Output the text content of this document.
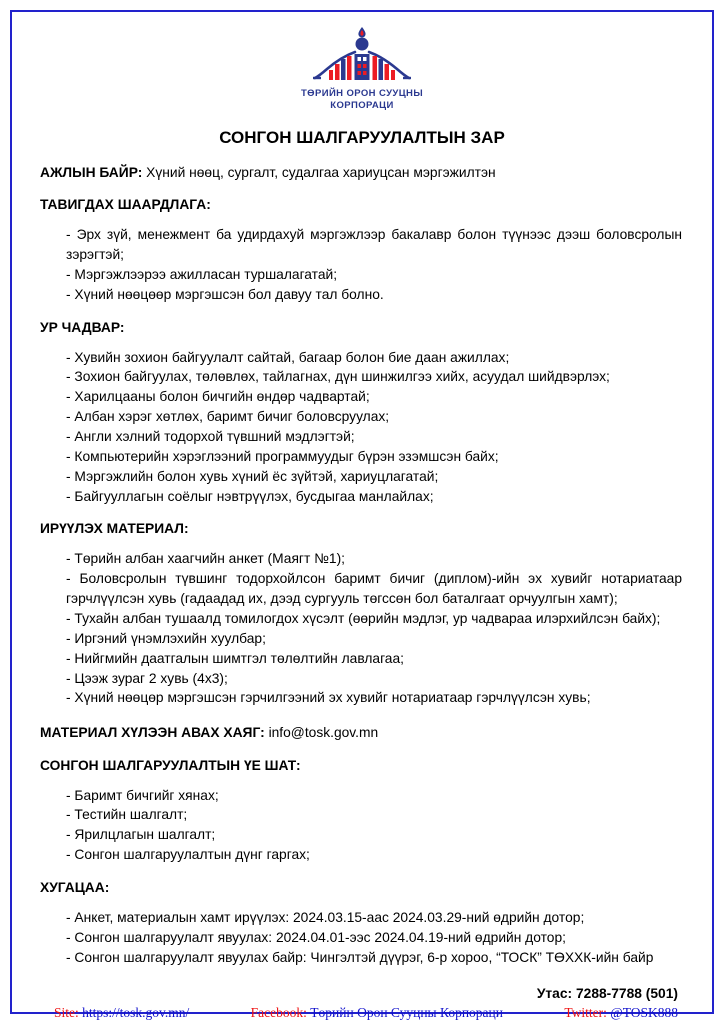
ТӨРИЙН ОРОН СУУЦНЫ
КОРПОРАЦИ
СОНГОН ШАЛГАРУУЛАЛТЫН ЗАР
АЖЛЫН БАЙР: Хүний нөөц, сургалт, судалгаа хариуцсан мэргэжилтэн
ТАВИГДАХ ШААРДЛАГА:
- Эрх зүй, менежмент ба удирдахуй мэргэжлээр бакалавр болон түүнээс дээш боловсролын зэрэгтэй;
- Мэргэжлээрээ ажилласан туршалагатай;
- Хүний нөөцөөр мэргэшсэн бол давуу тал болно.
УР ЧАДВАР:
- Хувийн зохион байгуулалт сайтай, багаар болон бие даан ажиллах;
- Зохион байгуулах, төлөвлөх, тайлагнах, дүн шинжилгээ хийх, асуудал шийдвэрлэх;
- Харилцааны болон бичгийн өндөр чадвартай;
- Албан хэрэг хөтлөх, баримт бичиг боловсруулах;
- Англи хэлний тодорхой түвшний мэдлэгтэй;
- Компьютерийн хэрэглээний программуудыг бүрэн эзэмшсэн байх;
- Мэргэжлийн болон хувь хүний ёс зүйтэй, хариуцлагатай;
- Байгууллагын соёлыг нэвтрүүлэх, бусдыгаа манлайлах;
ИРҮҮЛЭХ МАТЕРИАЛ:
- Төрийн албан хаагчийн анкет (Маягт №1);
- Боловсролын түвшинг тодорхойлсон баримт бичиг (диплом)-ийн эх хувийг нотариатаар гэрчлүүлсэн хувь (гадаадад их, дээд сургууль төгссөн бол баталгаат орчуулгын хамт);
- Тухайн албан тушаалд томилогдох хүсэлт (өөрийн мэдлэг, ур чадвараа илэрхийлсэн байх);
- Иргэний үнэмлэхийн хуулбар;
- Нийгмийн даатгалын шимтгэл төлөлтийн лавлагаа;
- Цээж зураг 2 хувь (4х3);
- Хүний нөөцөр мэргэшсэн гэрчилгээний эх хувийг нотариатаар гэрчлүүлсэн хувь;
МАТЕРИАЛ ХҮЛЭЭН АВАХ ХАЯГ: info@tosk.gov.mn
СОНГОН ШАЛГАРУУЛАЛТЫН ҮЕ ШАТ:
- Баримт бичгийг хянах;
- Тестийн шалгалт;
- Ярилцлагын шалгалт;
- Сонгон шалгаруулалтын дүнг гаргах;
ХУГАЦАА:
- Анкет, материалын хамт ирүүлэх: 2024.03.15-аас 2024.03.29-ний өдрийн дотор;
- Сонгон шалгаруулалт явуулах: 2024.04.01-ээс 2024.04.19-ний өдрийн дотор;
- Сонгон шалгаруулалт явуулах байр: Чингэлтэй дүүрэг, 6-р хороо, “ТОСК” ТӨХХК-ийн байр
Утас: 7288-7788 (501)
Site: https://tosk.gov.mn/	Facebook: Төрийн Орон Сууцны Корпораци	Twitter: @TOSK888
